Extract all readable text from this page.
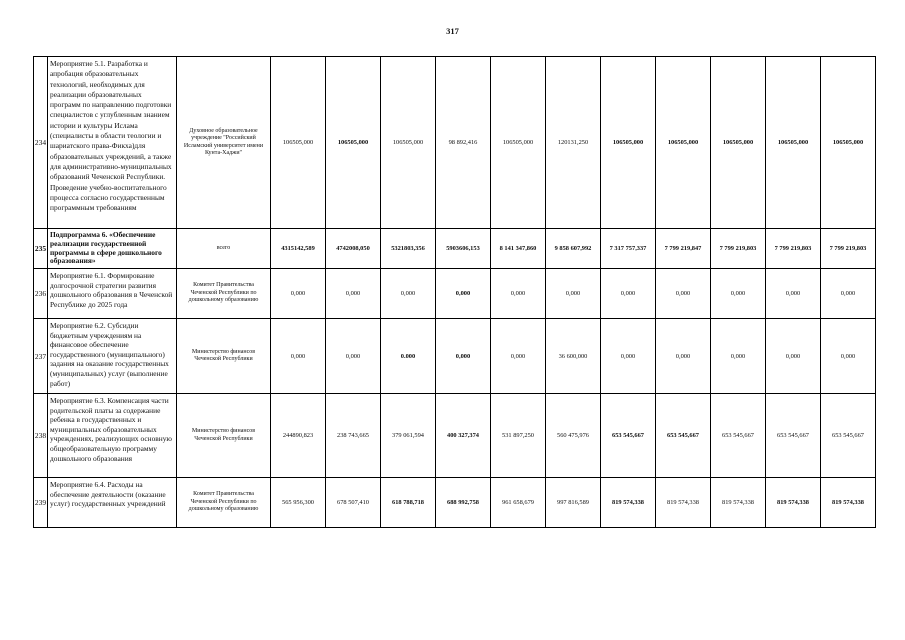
317
234	Мероприятие 5.1. Разработка и апробация образовательных технологий, необходимых для реализации образовательных программ по направлению подготовки специалистов с углубленным знанием истории и культуры Ислама (специалисты в области теологии и шариатского права-Фикха)для образовательных учреждений, а также для административно-муниципальных образований Чеченской Республики. Проведение учебно-воспитательного процесса согласно государственным программным требованиям	Духовное образовательное учреждение "Российский Исламский университет имени Кунта-Хаджи"	106505,000	106505,000	106505,000	98 892,416	106505,000	120131,250	106505,000	106505,000	106505,000	106505,000	106505,000
235	Подпрограмма 6. «Обеспечение реализации государственной программы в сфере дошкольного образования»	всего	4315142,589	4742008,050	5321803,356	5903606,153	8 141 347,860	9 858 607,992	7 317 757,337	7 799 219,847	7 799 219,803	7 799 219,803	7 799 219,803
236	Мероприятие 6.1. Формирование долгосрочной стратегии развития дошкольного образования в Чеченской Республике до 2025 года	Комитет Правительства Чеченской Республики по дошкольному образованию	0,000	0,000	0,000	0,000	0,000	0,000	0,000	0,000	0,000	0,000	0,000
237	Мероприятие 6.2. Субсидии бюджетным учреждениям на финансовое обеспечение государственного (муниципального) задания на оказание государственных (муниципальных) услуг (выполнение работ)	Министерство финансов Чеченской Республики	0,000	0,000	0.000	0,000	0,000	36 600,000	0,000	0,000	0,000	0,000	0,000
238	Мероприятие 6.3. Компенсация части родительской платы за содержание ребенка в государственных и муниципальных образовательных учреждениях, реализующих основную общеобразовательную программу дошкольного образования	Министерство финансов Чеченской Республики	244890,823	238 743,665	379 061,594	400 327,374	531 897,250	560 475,976	653 545,667	653 545,667	653 545,667	653 545,667	653 545,667
239	Мероприятие 6.4. Расходы на обеспечение деятельности (оказание услуг) государственных учреждений	Комитет Правительства Чеченской Республики по дошкольному образованию	565 956,300	678 507,410	618 788,718	688 992,758	961 658,679	997 816,589	819 574,338	819 574,338	819 574,338	819 574,338	819 574,338
